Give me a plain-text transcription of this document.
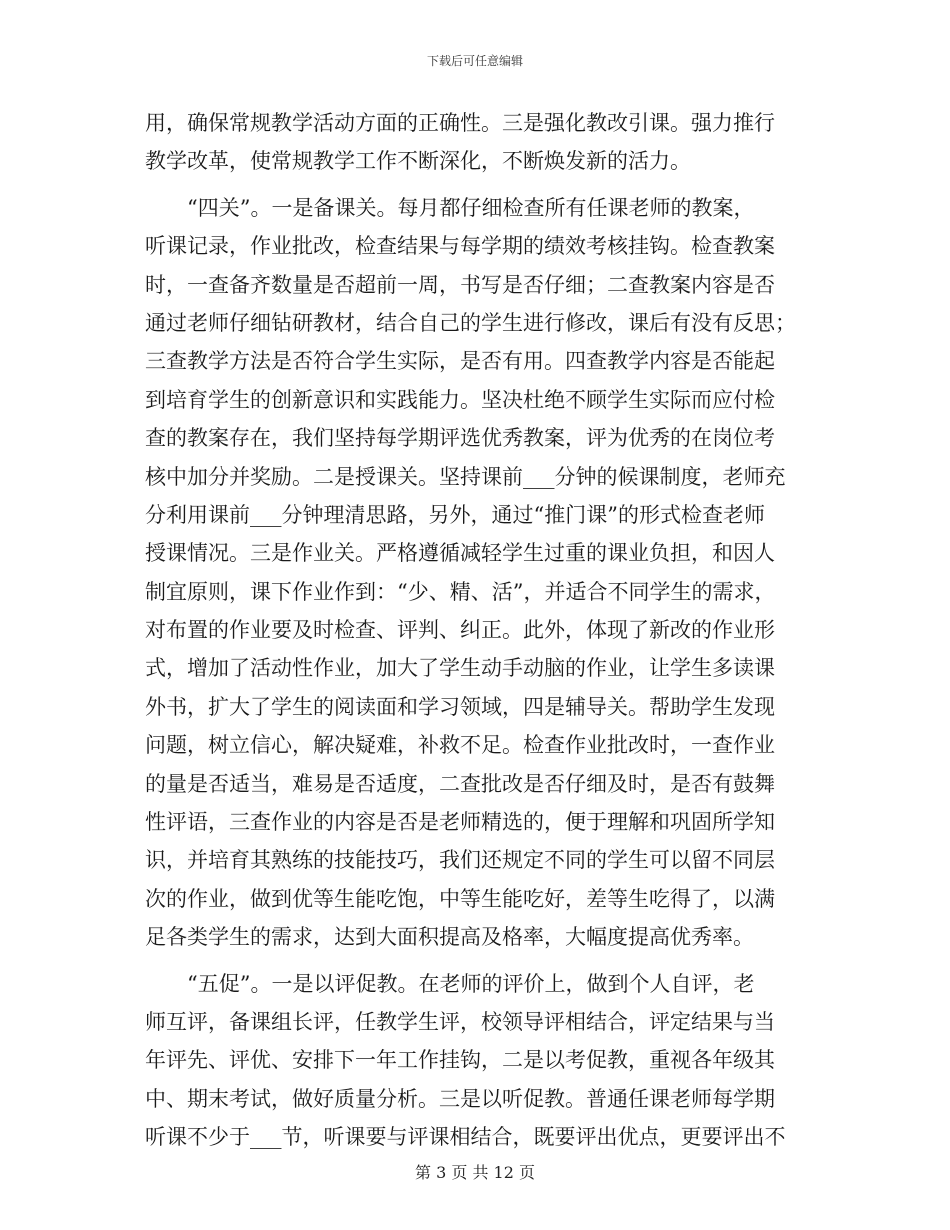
下载后可任意编辑
用，确保常规教学活动方面的正确性。三是强化教改引课。强力推行
教学改革，使常规教学工作不断深化，不断焕发新的活力。
　　“四关”。一是备课关。每月都仔细检查所有任课老师的教案，
听课记录，作业批改，检查结果与每学期的绩效考核挂钩。检查教案
时，一查备齐数量是否超前一周，书写是否仔细；二查教案内容是否
通过老师仔细钻研教材，结合自己的学生进行修改，课后有没有反思；
三查教学方法是否符合学生实际，是否有用。四查教学内容是否能起
到培育学生的创新意识和实践能力。坚决杜绝不顾学生实际而应付检
查的教案存在，我们坚持每学期评选优秀教案，评为优秀的在岗位考
核中加分并奖励。二是授课关。坚持课前___分钟的候课制度，老师充
分利用课前___分钟理清思路，另外，通过“推门课”的形式检查老师
授课情况。三是作业关。严格遵循减轻学生过重的课业负担，和因人
制宜原则，课下作业作到：“少、精、活”，并适合不同学生的需求，
对布置的作业要及时检查、评判、纠正。此外，体现了新改的作业形
式，增加了活动性作业，加大了学生动手动脑的作业，让学生多读课
外书，扩大了学生的阅读面和学习领域，四是辅导关。帮助学生发现
问题，树立信心，解决疑难，补救不足。检查作业批改时，一查作业
的量是否适当，难易是否适度，二查批改是否仔细及时，是否有鼓舞
性评语，三查作业的内容是否是老师精选的，便于理解和巩固所学知
识，并培育其熟练的技能技巧，我们还规定不同的学生可以留不同层
次的作业，做到优等生能吃饱，中等生能吃好，差等生吃得了，以满
足各类学生的需求，达到大面积提高及格率，大幅度提高优秀率。
　　“五促”。一是以评促教。在老师的评价上，做到个人自评，老
师互评，备课组长评，任教学生评，校领导评相结合，评定结果与当
年评先、评优、安排下一年工作挂钩，二是以考促教，重视各年级其
中、期末考试，做好质量分析。三是以听促教。普通任课老师每学期
听课不少于___节，听课要与评课相结合，既要评出优点，更要评出不
第 3 页 共 12 页
